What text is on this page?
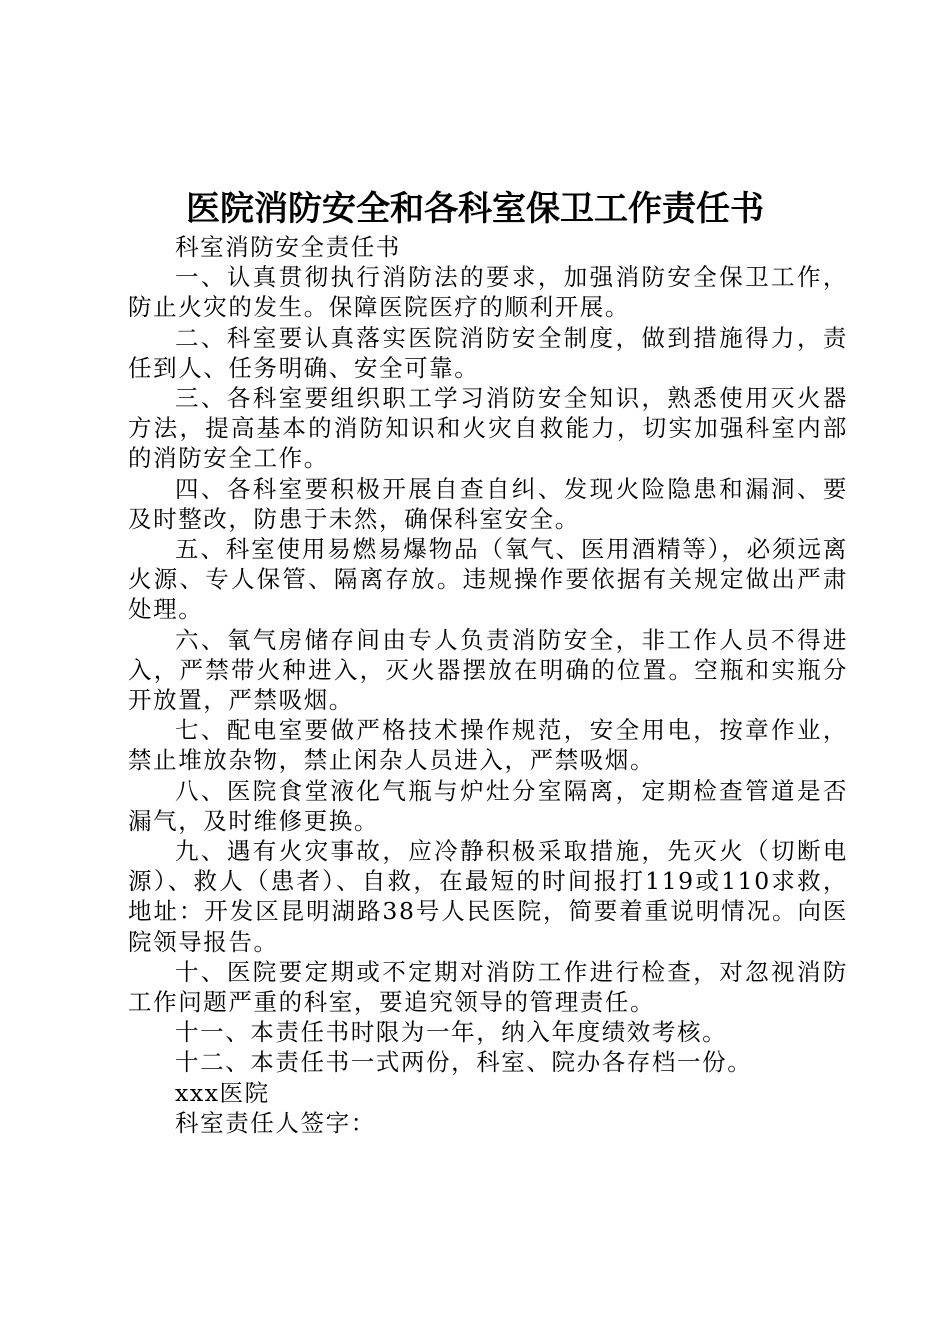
医院消防安全和各科室保卫工作责任书

科室消防安全责任书

一、认真贯彻执行消防法的要求，加强消防安全保卫工作，防止火灾的发生。保障医院医疗的顺利开展。

二、科室要认真落实医院消防安全制度，做到措施得力，责任到人、任务明确、安全可靠。

三、各科室要组织职工学习消防安全知识，熟悉使用灭火器方法，提高基本的消防知识和火灾自救能力，切实加强科室内部的消防安全工作。

四、各科室要积极开展自查自纠、发现火险隐患和漏洞、要及时整改，防患于未然，确保科室安全。

五、科室使用易燃易爆物品（氧气、医用酒精等），必须远离火源、专人保管、隔离存放。违规操作要依据有关规定做出严肃处理。

六、氧气房储存间由专人负责消防安全，非工作人员不得进入，严禁带火种进入，灭火器摆放在明确的位置。空瓶和实瓶分开放置，严禁吸烟。

七、配电室要做严格技术操作规范，安全用电，按章作业，禁止堆放杂物，禁止闲杂人员进入，严禁吸烟。

八、医院食堂液化气瓶与炉灶分室隔离，定期检查管道是否漏气，及时维修更换。

九、遇有火灾事故，应冷静积极采取措施，先灭火（切断电源）、救人（患者）、自救，在最短的时间报打119或110求救，地址：开发区昆明湖路38号人民医院，简要着重说明情况。向医院领导报告。

十、医院要定期或不定期对消防工作进行检查，对忽视消防工作问题严重的科室，要追究领导的管理责任。

十一、本责任书时限为一年，纳入年度绩效考核。

十二、本责任书一式两份，科室、院办各存档一份。

xxx医院

科室责任人签字：
